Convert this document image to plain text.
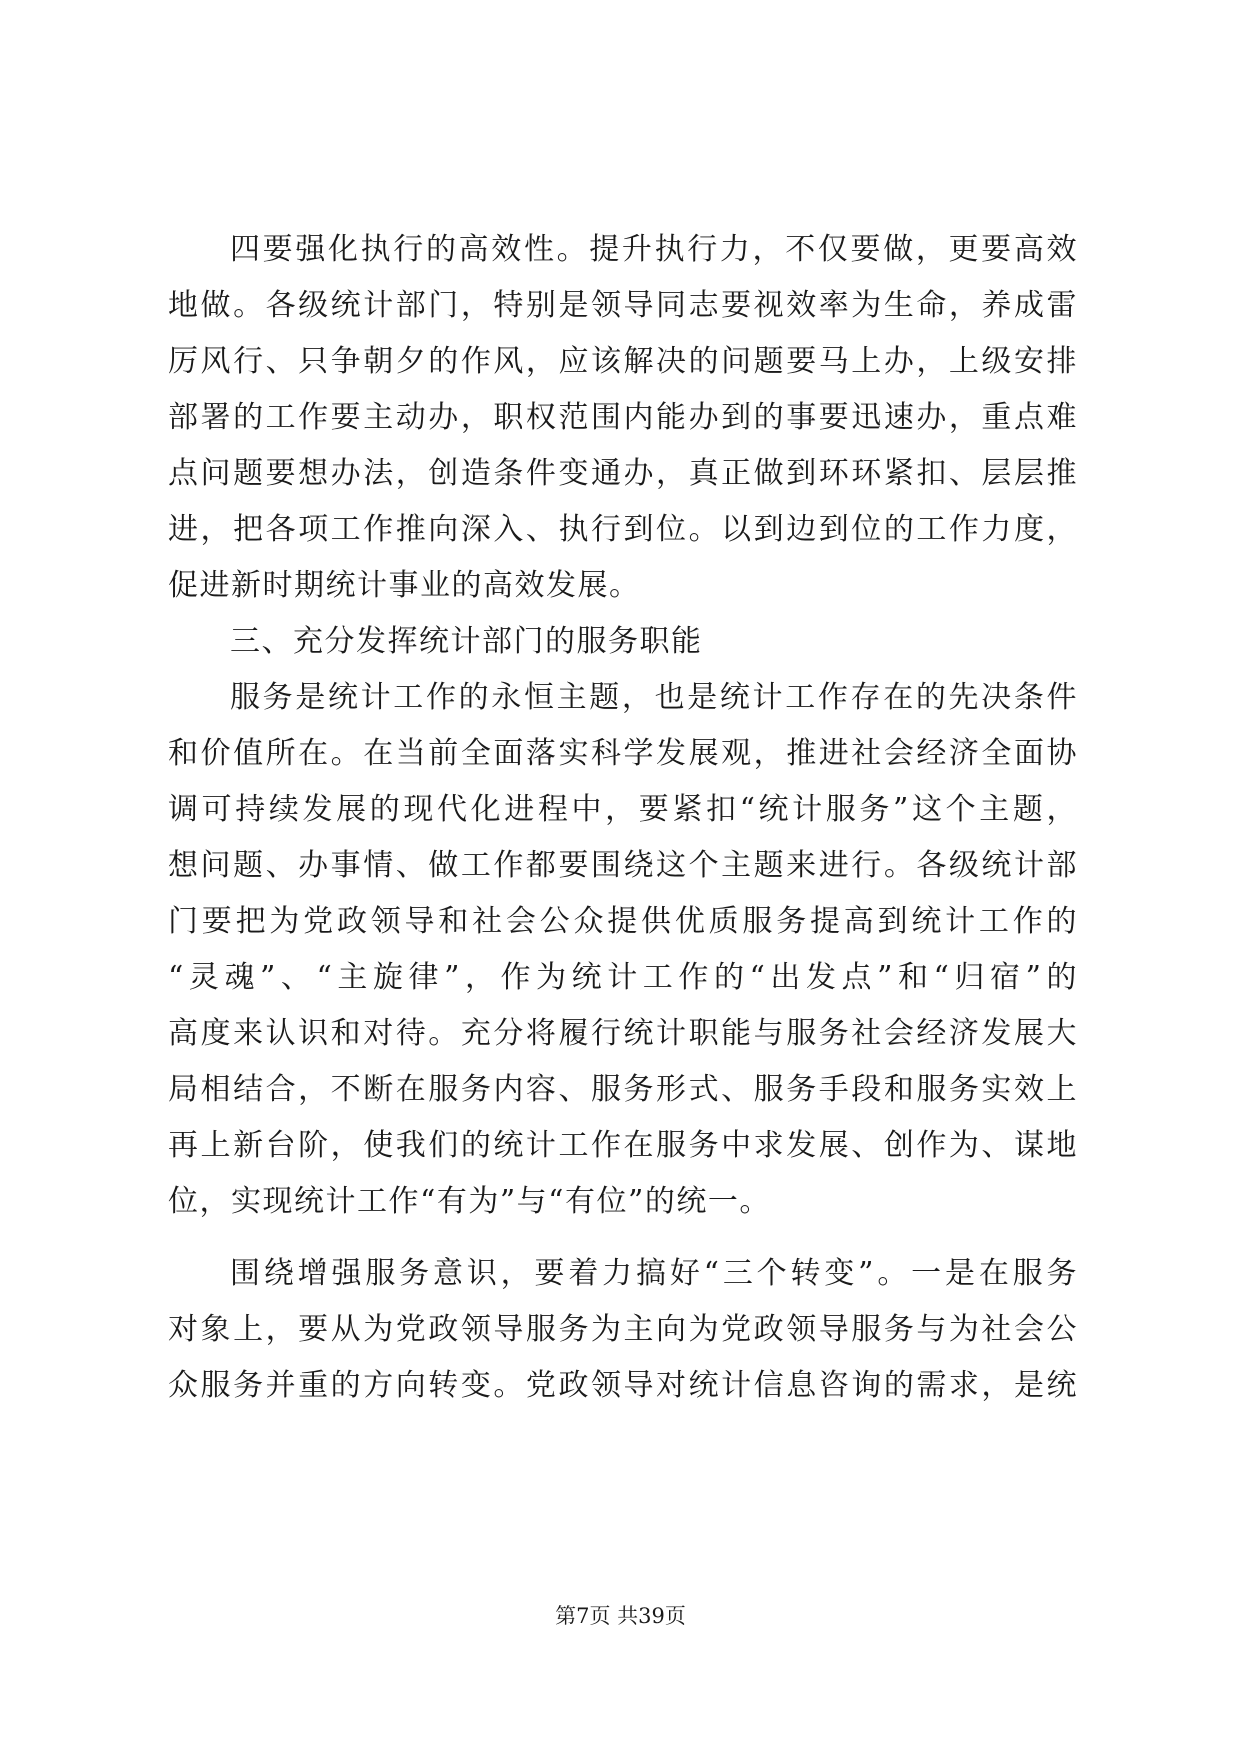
四要强化执行的高效性。提升执行力，不仅要做，更要高效
地做。各级统计部门，特别是领导同志要视效率为生命，养成雷
厉风行、只争朝夕的作风，应该解决的问题要马上办，上级安排
部署的工作要主动办，职权范围内能办到的事要迅速办，重点难
点问题要想办法，创造条件变通办，真正做到环环紧扣、层层推
进，把各项工作推向深入、执行到位。以到边到位的工作力度，
促进新时期统计事业的高效发展。
三、充分发挥统计部门的服务职能
服务是统计工作的永恒主题，也是统计工作存在的先决条件
和价值所在。在当前全面落实科学发展观，推进社会经济全面协
调可持续发展的现代化进程中，要紧扣“统计服务”这个主题，
想问题、办事情、做工作都要围绕这个主题来进行。各级统计部
门要把为党政领导和社会公众提供优质服务提高到统计工作的
“灵魂”、“主旋律”，作为统计工作的“出发点”和“归宿”的
高度来认识和对待。充分将履行统计职能与服务社会经济发展大
局相结合，不断在服务内容、服务形式、服务手段和服务实效上
再上新台阶，使我们的统计工作在服务中求发展、创作为、谋地
位，实现统计工作“有为”与“有位”的统一。
围绕增强服务意识，要着力搞好“三个转变”。一是在服务
对象上，要从为党政领导服务为主向为党政领导服务与为社会公
众服务并重的方向转变。党政领导对统计信息咨询的需求，是统
第7页 共39页
